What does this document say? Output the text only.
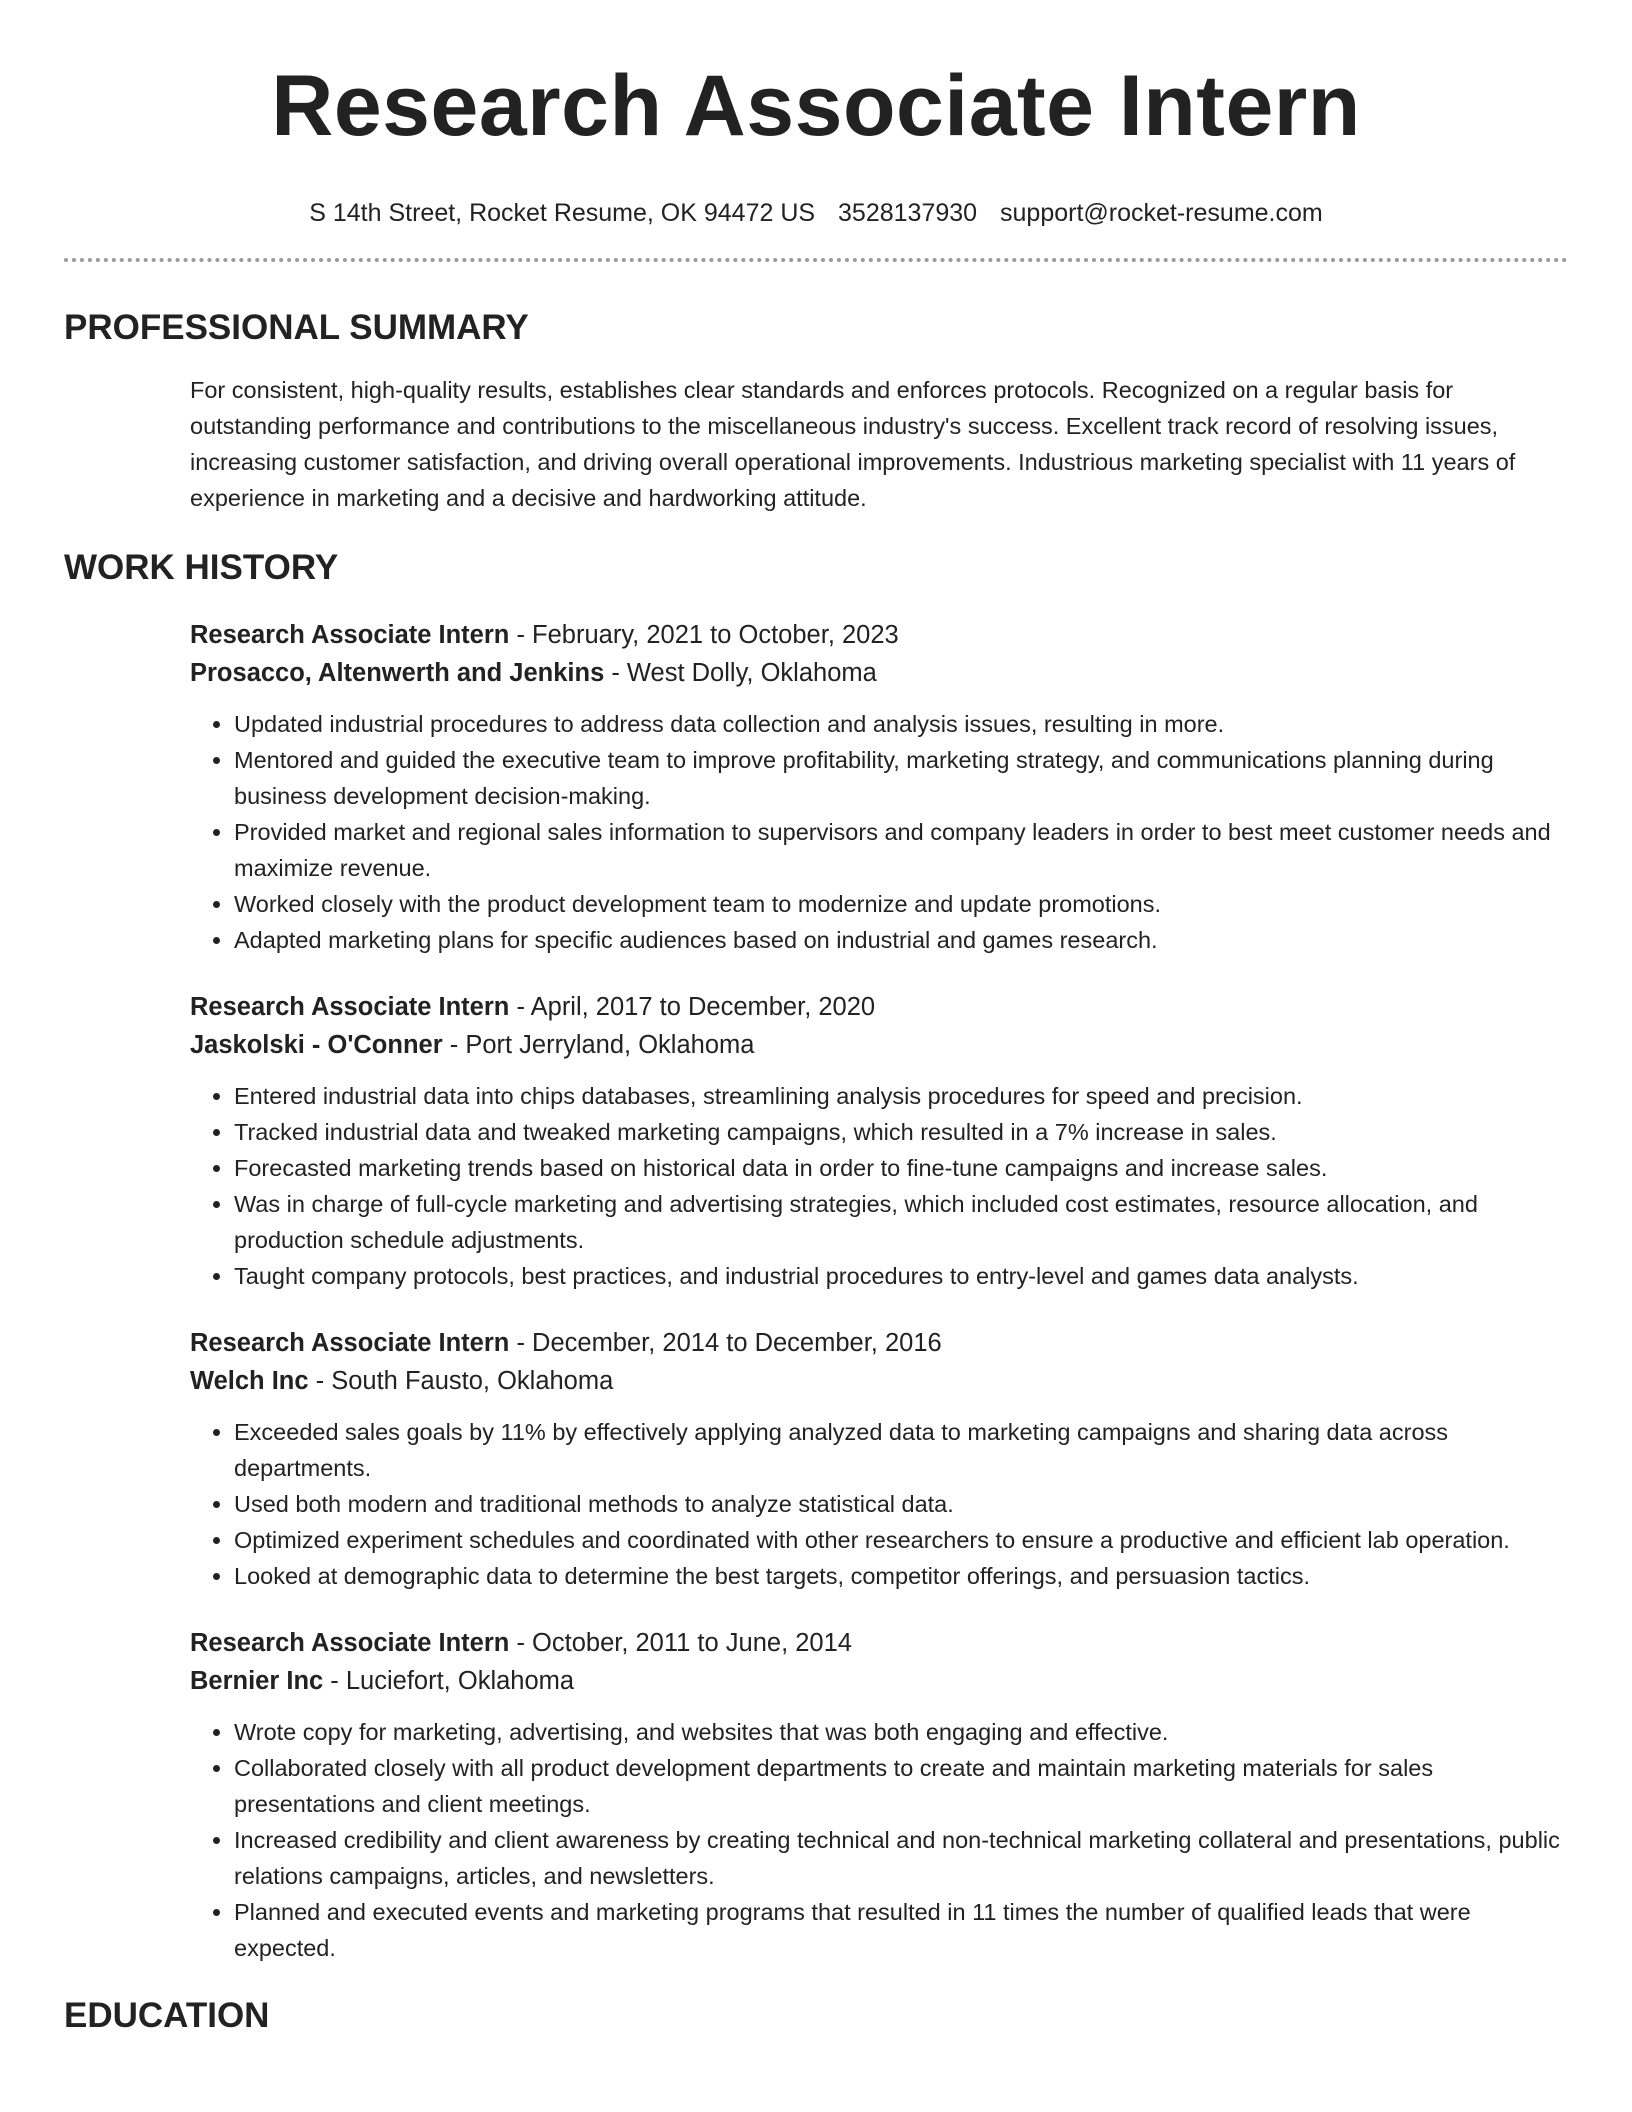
Research Associate Intern
S 14th Street, Rocket Resume, OK 94472 US 3528137930 support@rocket-resume.com
PROFESSIONAL SUMMARY

For consistent, high-quality results, establishes clear standards and enforces protocols. Recognized on a regular basis for outstanding performance and contributions to the miscellaneous industry's success. Excellent track record of resolving issues, increasing customer satisfaction, and driving overall operational improvements. Industrious marketing specialist with 11 years of experience in marketing and a decisive and hardworking attitude.

WORK HISTORY
Research Associate Intern - February, 2021 to October, 2023
Prosacco, Altenwerth and Jenkins - West Dolly, Oklahoma
• Updated industrial procedures to address data collection and analysis issues, resulting in more.
• Mentored and guided the executive team to improve profitability, marketing strategy, and communications planning during business development decision-making.
• Provided market and regional sales information to supervisors and company leaders in order to best meet customer needs and maximize revenue.
• Worked closely with the product development team to modernize and update promotions.
• Adapted marketing plans for specific audiences based on industrial and games research.
Research Associate Intern - April, 2017 to December, 2020
Jaskolski - O'Conner - Port Jerryland, Oklahoma
• Entered industrial data into chips databases, streamlining analysis procedures for speed and precision.
• Tracked industrial data and tweaked marketing campaigns, which resulted in a 7% increase in sales.
• Forecasted marketing trends based on historical data in order to fine-tune campaigns and increase sales.
• Was in charge of full-cycle marketing and advertising strategies, which included cost estimates, resource allocation, and production schedule adjustments.
• Taught company protocols, best practices, and industrial procedures to entry-level and games data analysts.
Research Associate Intern - December, 2014 to December, 2016
Welch Inc - South Fausto, Oklahoma
• Exceeded sales goals by 11% by effectively applying analyzed data to marketing campaigns and sharing data across departments.
• Used both modern and traditional methods to analyze statistical data.
• Optimized experiment schedules and coordinated with other researchers to ensure a productive and efficient lab operation.
• Looked at demographic data to determine the best targets, competitor offerings, and persuasion tactics.
Research Associate Intern - October, 2011 to June, 2014
Bernier Inc - Luciefort, Oklahoma
• Wrote copy for marketing, advertising, and websites that was both engaging and effective.
• Collaborated closely with all product development departments to create and maintain marketing materials for sales presentations and client meetings.
• Increased credibility and client awareness by creating technical and non-technical marketing collateral and presentations, public relations campaigns, articles, and newsletters.
• Planned and executed events and marketing programs that resulted in 11 times the number of qualified leads that were expected.
EDUCATION
